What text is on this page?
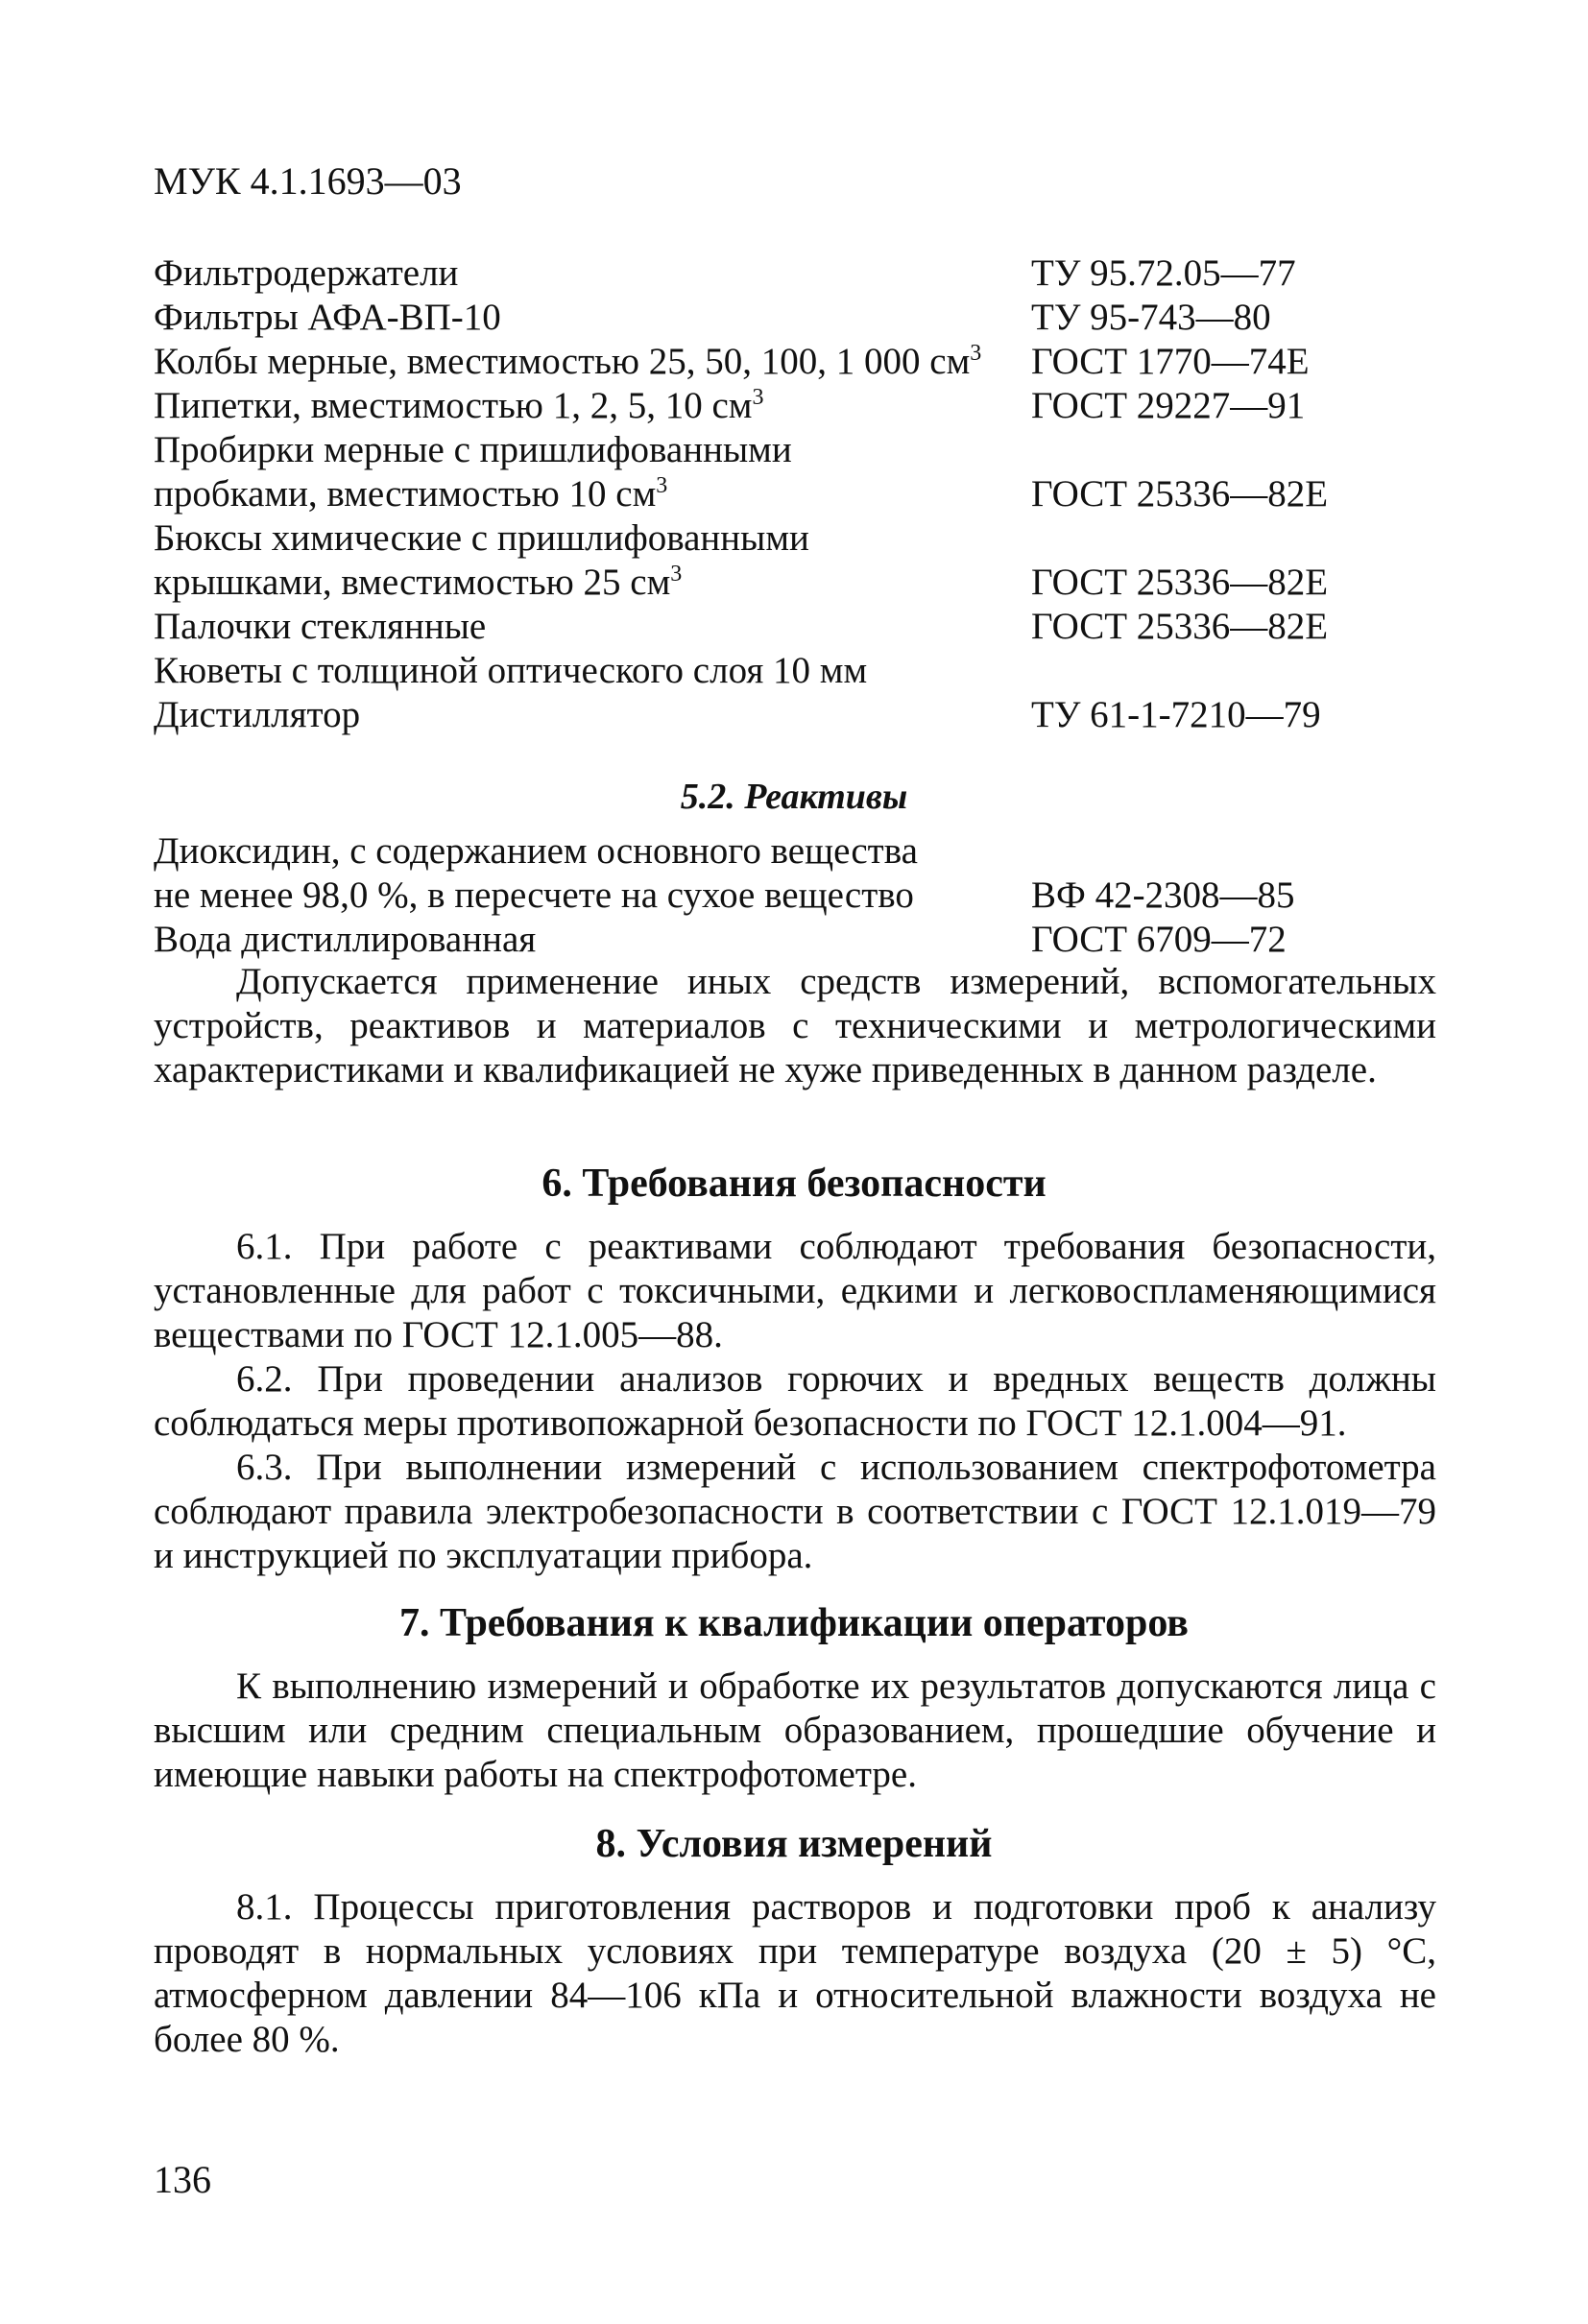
МУК 4.1.1693—03
Фильтродержатели	ТУ 95.72.05—77
Фильтры АФА-ВП-10	ТУ 95-743—80
Колбы мерные, вместимостью 25, 50, 100, 1 000 $см^3$ ГОСТ 1770—74Е
Пипетки, вместимостью 1, 2, 5, 10 $см^3$	ГОСТ 29227—91
Пробирки мерные с пришлифованными
пробками, вместимостью 10 $см^3$	ГОСТ 25336—82Е
Бюксы химические с пришлифованными
крышками, вместимостью 25 $см^3$	ГОСТ 25336—82Е
Палочки стеклянные	ГОСТ 25336—82Е
Кюветы с толщиной оптического слоя 10 мм
Дистиллятор	ТУ 61-1-7210—79
5.2. Реактивы
Диоксидин, с содержанием основного вещества
не менее 98,0 %, в пересчете на сухое вещество	ВФ 42-2308—85
Вода дистиллированная	ГОСТ 6709—72

Допускается применение иных средств измерений, вспомогательных устройств, реактивов и материалов с техническими и метрологическими характеристиками и квалификацией не хуже приведенных в данном разделе.

6. Требования безопасности

6.1. При работе с реактивами соблюдают требования безопасности, установленные для работ с токсичными, едкими и легковоспламеняющимися веществами по ГОСТ 12.1.005—88.

6.2. При проведении анализов горючих и вредных веществ должны соблюдаться меры противопожарной безопасности по ГОСТ 12.1.004—91.

6.3. При выполнении измерений с использованием спектрофотометра соблюдают правила электробезопасности в соответствии с ГОСТ 12.1.019—79 и инструкцией по эксплуатации прибора.

7. Требования к квалификации операторов

К выполнению измерений и обработке их результатов допускаются лица с высшим или средним специальным образованием, прошедшие обучение и имеющие навыки работы на спектрофотометре.

8. Условия измерений

8.1. Процессы приготовления растворов и подготовки проб к анализу проводят в нормальных условиях при температуре воздуха (20 ± 5) °С, атмосферном давлении 84—106 кПа и относительной влажности воздуха не более 80 %.

136
